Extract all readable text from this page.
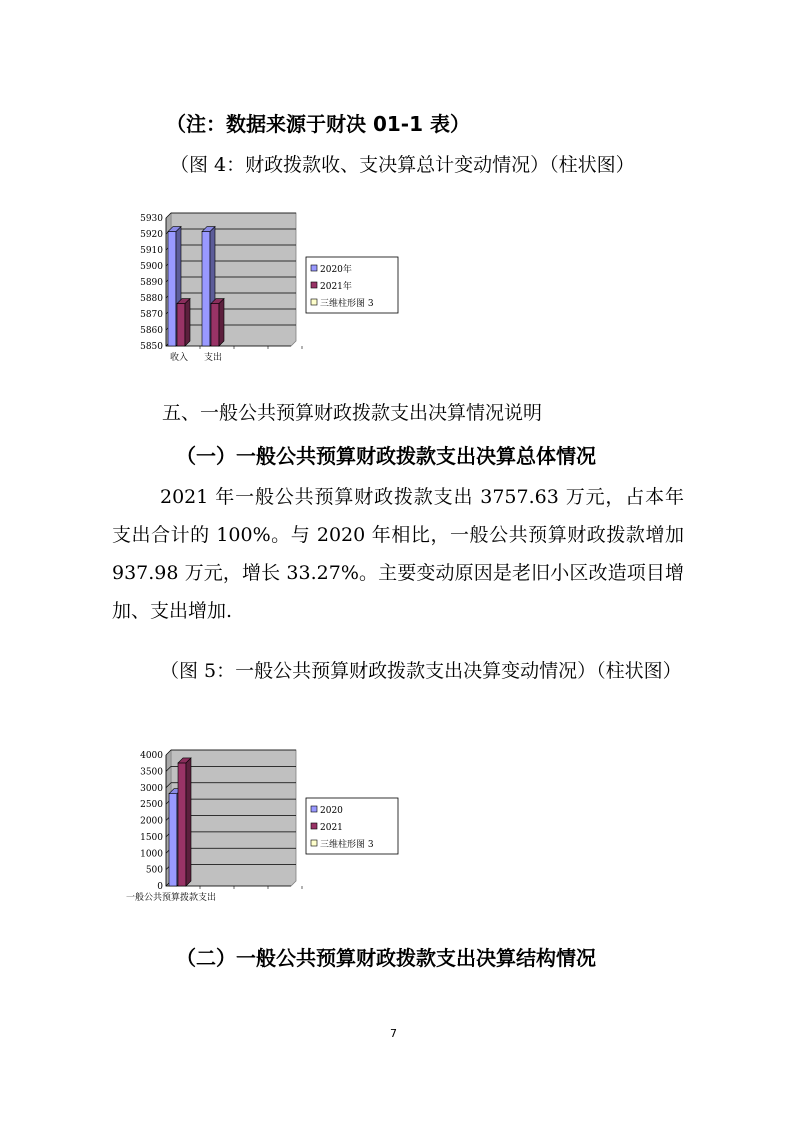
（注：数据来源于财决 01-1 表）
（图 4：财政拨款收、支决算总计变动情况）（柱状图）
5850
5860
5870
5880
5890
5900
5910
5920
5930
收入 支出
2020年
2021年
三维柱形图 3
五、一般公共预算财政拨款支出决算情况说明
（一）一般公共预算财政拨款支出决算总体情况
2021 年一般公共预算财政拨款支出 3757.63 万元，占本年支出合计的 100%。与 2020 年相比，一般公共预算财政拨款增加 937.98 万元，增长 33.27%。主要变动原因是老旧小区改造项目增加、支出增加.
（图 5：一般公共预算财政拨款支出决算变动情况）（柱状图）
0
500
1000
1500
2000
2500
3000
3500
4000
一般公共预算拨款支出
2020
2021
三维柱形图 3
（二）一般公共预算财政拨款支出决算结构情况
7
